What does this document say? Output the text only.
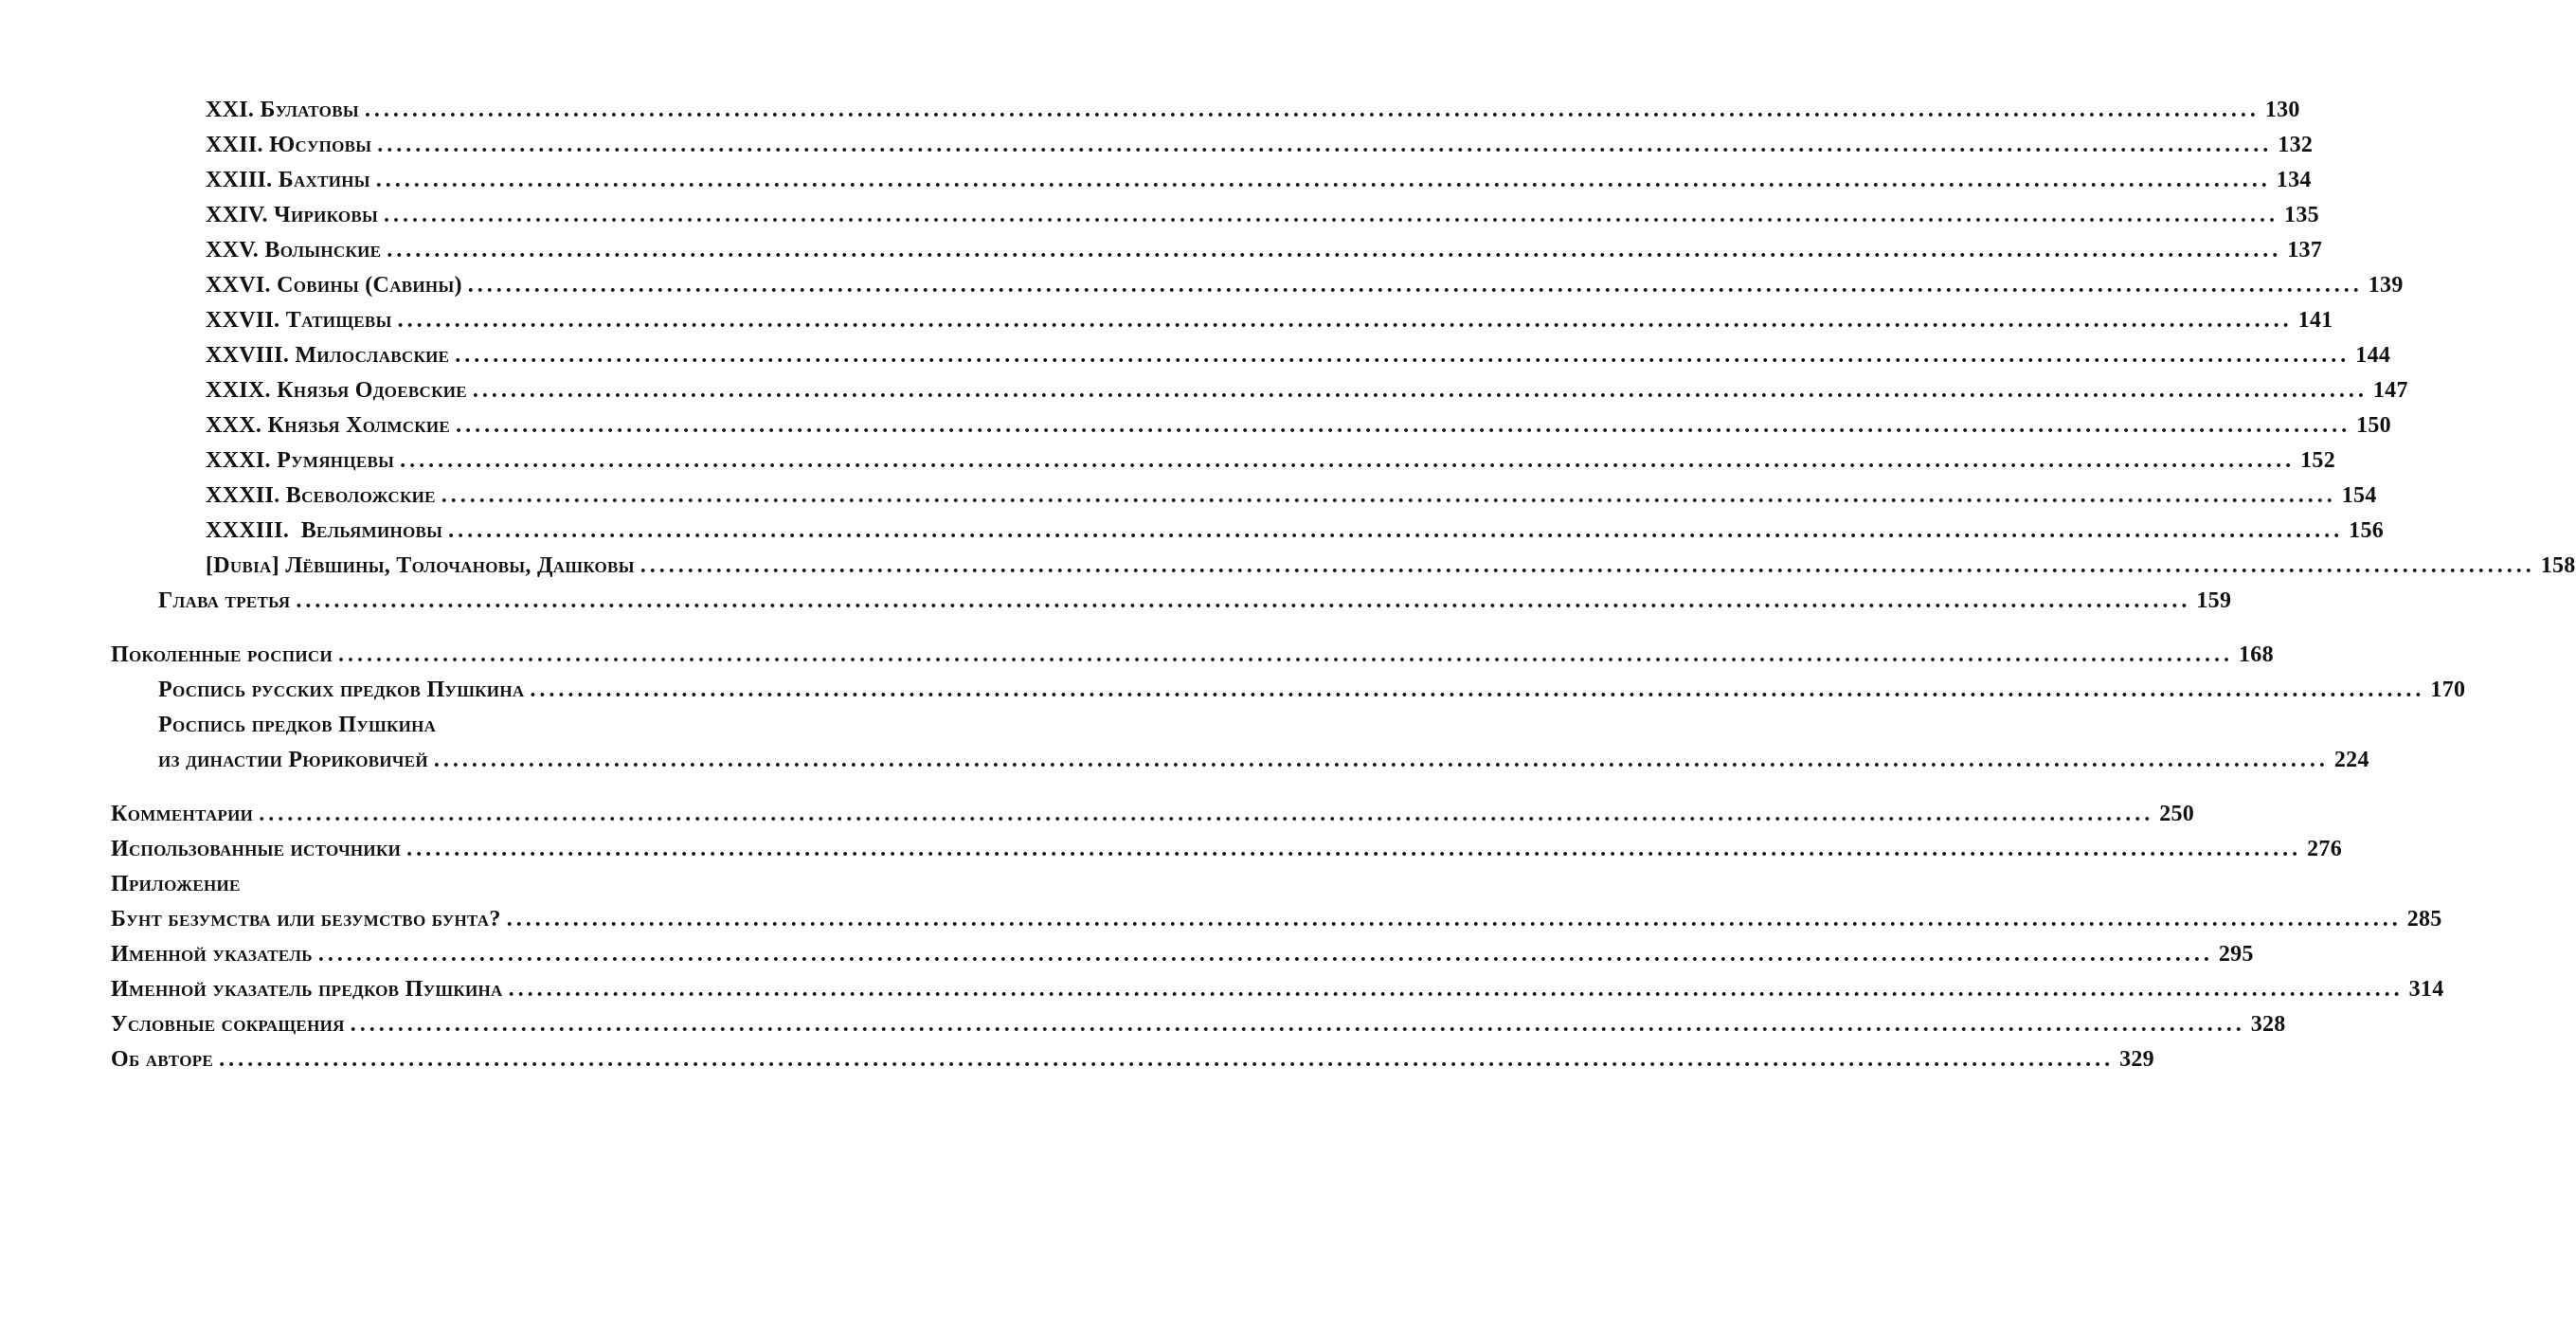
XXI. Булатовы ........................................................................................................................................................................................................ 130
XXII. Юсуповы ........................................................................................................................................................................................................ 132
XXIII. Бахтины ........................................................................................................................................................................................................ 134
XXIV. Чириковы ........................................................................................................................................................................................................ 135
XXV. Волынские ........................................................................................................................................................................................................ 137
XXVI. Совины (Савины) ........................................................................................................................................................................................................ 139
XXVII. Татищевы ........................................................................................................................................................................................................ 141
XXVIII. Милославские ........................................................................................................................................................................................................ 144
XXIX. Князья Одоевские ........................................................................................................................................................................................................ 147
XXX. Князья Холмские ........................................................................................................................................................................................................ 150
XXXI. Румянцевы ........................................................................................................................................................................................................ 152
XXXII. Всеволожские ........................................................................................................................................................................................................ 154
XXXIII.  Вельяминовы ........................................................................................................................................................................................................ 156
[Dubia] Лёвшины, Толочановы, Дашковы ........................................................................................................................................................................................................ 158
Глава третья ........................................................................................................................................................................................................ 159
Поколенные росписи ........................................................................................................................................................................................................ 168
Роспись русских предков Пушкина ........................................................................................................................................................................................................ 170
Роспись предков Пушкина
из династии Рюриковичей ........................................................................................................................................................................................................ 224
Комментарии ........................................................................................................................................................................................................ 250
Использованные источники ........................................................................................................................................................................................................ 276
Приложение
Бунт безумства или безумство бунта? ........................................................................................................................................................................................................ 285
Именной указатель ........................................................................................................................................................................................................ 295
Именной указатель предков Пушкина ........................................................................................................................................................................................................ 314
Условные сокращения ........................................................................................................................................................................................................ 328
Об авторе ........................................................................................................................................................................................................ 329
